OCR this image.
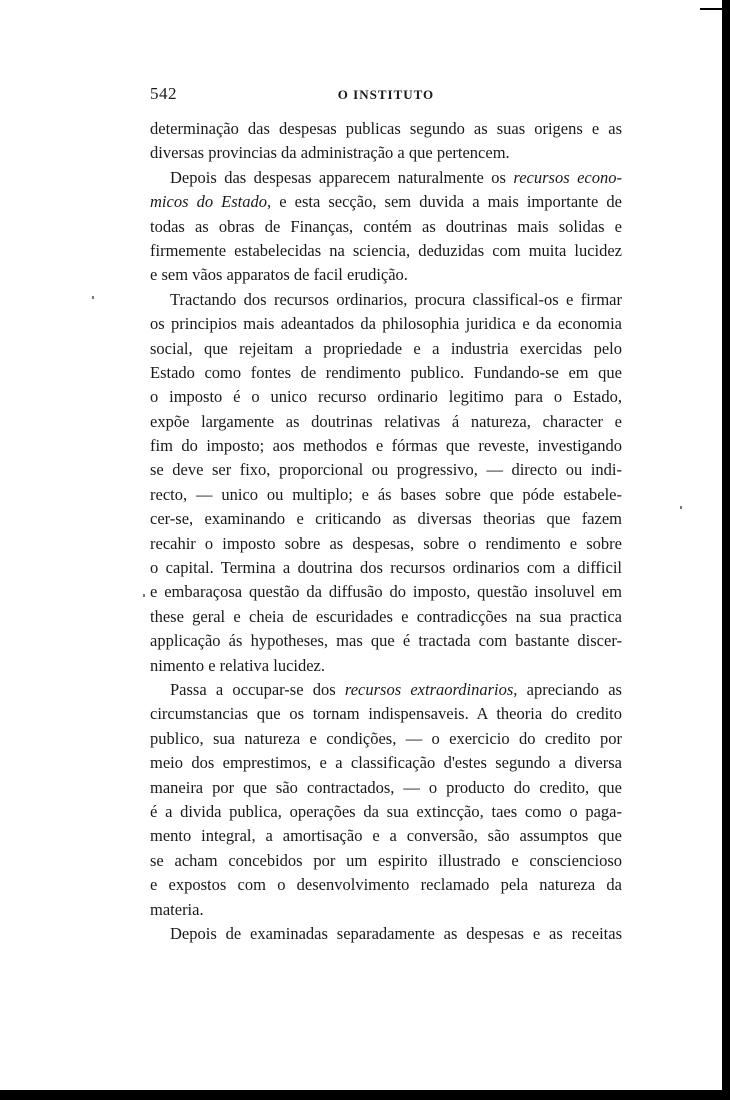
542	O INSTITUTO
determinação das despesas publicas segundo as suas origens e as
diversas provincias da administração a que pertencem.
Depois das despesas apparecem naturalmente os recursos econo-
micos do Estado, e esta secção, sem duvida a mais importante de
todas as obras de Finanças, contém as doutrinas mais solidas e
firmemente estabelecidas na sciencia, deduzidas com muita lucidez
e sem vãos apparatos de facil erudição.
Tractando dos recursos ordinarios, procura classifical-os e firmar
os principios mais adeantados da philosophia juridica e da economia
social, que rejeitam a propriedade e a industria exercidas pelo
Estado como fontes de rendimento publico. Fundando-se em que
o imposto é o unico recurso ordinario legitimo para o Estado,
expõe largamente as doutrinas relativas á natureza, character e
fim do imposto; aos methodos e fórmas que reveste, investigando
se deve ser fixo, proporcional ou progressivo, — directo ou indi-
recto, — unico ou multiplo; e ás bases sobre que póde estabele-
cer-se, examinando e criticando as diversas theorias que fazem
recahir o imposto sobre as despesas, sobre o rendimento e sobre
o capital. Termina a doutrina dos recursos ordinarios com a difficil
e embaraçosa questão da diffusão do imposto, questão insoluvel em
these geral e cheia de escuridades e contradicções na sua practica
applicação ás hypotheses, mas que é tractada com bastante discer-
nimento e relativa lucidez.
Passa a occupar-se dos recursos extraordinarios, apreciando as
circumstancias que os tornam indispensaveis. A theoria do credito
publico, sua natureza e condições, — o exercicio do credito por
meio dos emprestimos, e a classificação d'estes segundo a diversa
maneira por que são contractados, — o producto do credito, que
é a divida publica, operações da sua extincção, taes como o paga-
mento integral, a amortisação e a conversão, são assumptos que
se acham concebidos por um espirito illustrado e consciencioso
e expostos com o desenvolvimento reclamado pela natureza da
materia.
Depois de examinadas separadamente as despesas e as receitas
